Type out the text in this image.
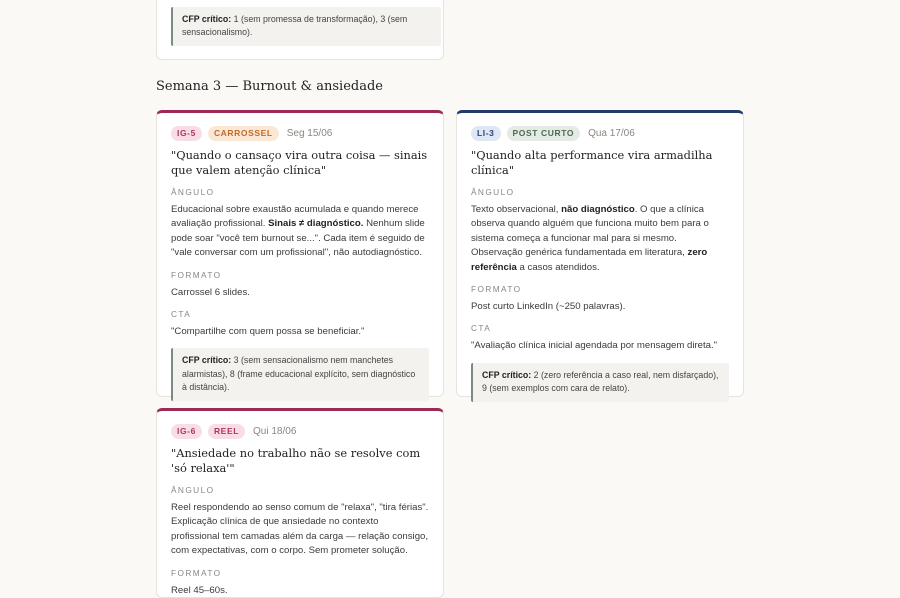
CFP crítico: 1 (sem promessa de transformação), 3 (sem sensacionalismo).
Semana 3 — Burnout & ansiedade
IG-5	CARROSSEL	Seg 15/06
"Quando o cansaço vira outra coisa — sinais que valem atenção clínica"
ÂNGULO
Educacional sobre exaustão acumulada e quando merece avaliação profissional. Sinais ≠ diagnóstico. Nenhum slide pode soar "você tem burnout se...". Cada item é seguido de "vale conversar com um profissional", não autodiagnóstico.
FORMATO
Carrossel 6 slides.
CTA
"Compartilhe com quem possa se beneficiar."
CFP crítico: 3 (sem sensacionalismo nem manchetes alarmistas), 8 (frame educacional explícito, sem diagnóstico à distância).
LI-3	POST CURTO	Qua 17/06
"Quando alta performance vira armadilha clínica"
ÂNGULO
Texto observacional, não diagnóstico. O que a clínica observa quando alguém que funciona muito bem para o sistema começa a funcionar mal para si mesmo. Observação genérica fundamentada em literatura, zero referência a casos atendidos.
FORMATO
Post curto LinkedIn (~250 palavras).
CTA
"Avaliação clínica inicial agendada por mensagem direta."
CFP crítico: 2 (zero referência a caso real, nem disfarçado), 9 (sem exemplos com cara de relato).
IG-6	REEL	Qui 18/06
"Ansiedade no trabalho não se resolve com 'só relaxa'"
ÂNGULO
Reel respondendo ao senso comum de "relaxa", "tira férias". Explicação clínica de que ansiedade no contexto profissional tem camadas além da carga — relação consigo, com expectativas, com o corpo. Sem prometer solução.
FORMATO
Reel 45–60s.
